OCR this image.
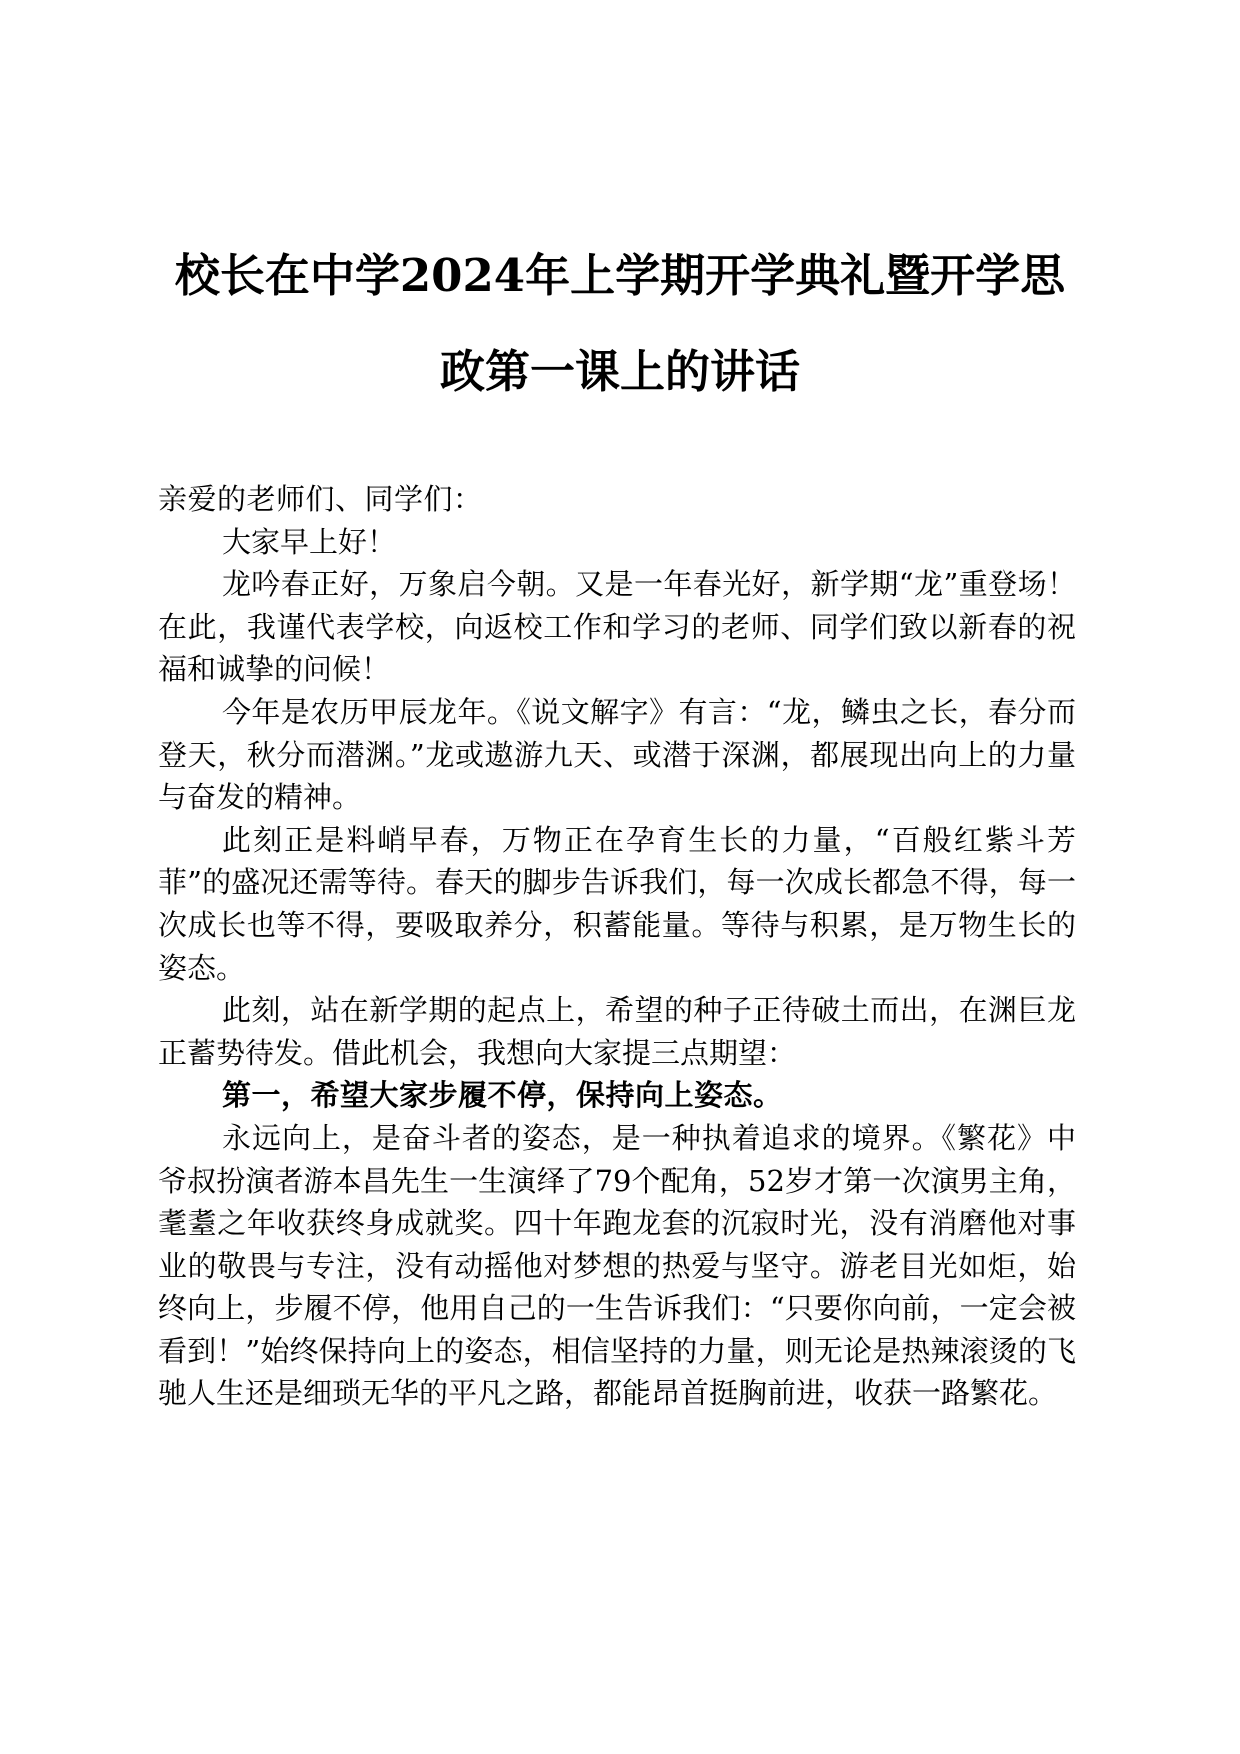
校长在中学2024年上学期开学典礼暨开学思
政第一课上的讲话

亲爱的老师们、同学们：

大家早上好！

龙吟春正好，万象启今朝。又是一年春光好，新学期“龙”重登场！在此，我谨代表学校，向返校工作和学习的老师、同学们致以新春的祝福和诚挚的问候！

今年是农历甲辰龙年。《说文解字》有言：“龙，鳞虫之长，春分而登天，秋分而潜渊。”龙或遨游九天、或潜于深渊，都展现出向上的力量与奋发的精神。

此刻正是料峭早春，万物正在孕育生长的力量，“百般红紫斗芳菲”的盛况还需等待。春天的脚步告诉我们，每一次成长都急不得，每一次成长也等不得，要吸取养分，积蓄能量。等待与积累，是万物生长的姿态。

此刻，站在新学期的起点上，希望的种子正待破土而出，在渊巨龙正蓄势待发。借此机会，我想向大家提三点期望：

第一，希望大家步履不停，保持向上姿态。

永远向上，是奋斗者的姿态，是一种执着追求的境界。《繁花》中爷叔扮演者游本昌先生一生演绎了79个配角，52岁才第一次演男主角，耄耋之年收获终身成就奖。四十年跑龙套的沉寂时光，没有消磨他对事业的敬畏与专注，没有动摇他对梦想的热爱与坚守。游老目光如炬，始终向上，步履不停，他用自己的一生告诉我们：“只要你向前，一定会被看到！”始终保持向上的姿态，相信坚持的力量，则无论是热辣滚烫的飞驰人生还是细琐无华的平凡之路，都能昂首挺胸前进，收获一路繁花。
